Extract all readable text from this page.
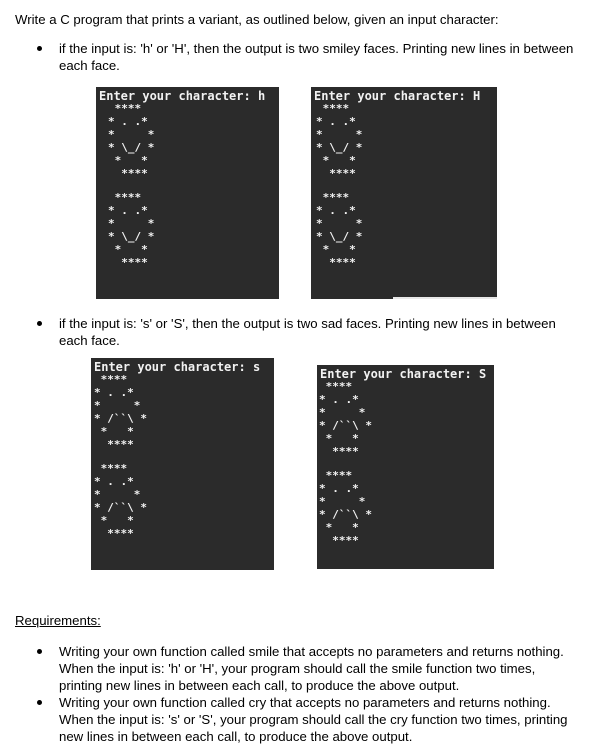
Write a C program that prints a variant, as outlined below, given an input character:
if the input is: 'h' or 'H', then the output is two smiley faces. Printing new lines in between each face.
Enter your character: h
****
* . .*
*     *
* \_/ *
*   *
****
****
* . .*
*     *
* \_/ *
*   *
****
Enter your character: H
****
* . .*
*     *
* \_/ *
*   *
****
****
* . .*
*     *
* \_/ *
*   *
****
if the input is: 's' or 'S', then the output is two sad faces. Printing new lines in between each face.
Enter your character: s
****
* . .*
*     *
* /``\ *
*   *
****
****
* . .*
*     *
* /``\ *
*   *
****
Enter your character: S
****
* . .*
*     *
* /``\ *
*   *
****
****
* . .*
*     *
* /``\ *
*   *
****
Requirements:
Writing your own function called smile that accepts no parameters and returns nothing. When the input is: 'h' or 'H', your program should call the smile function two times, printing new lines in between each call, to produce the above output.
Writing your own function called cry that accepts no parameters and returns nothing. When the input is: 's' or 'S', your program should call the cry function two times, printing new lines in between each call, to produce the above output.
